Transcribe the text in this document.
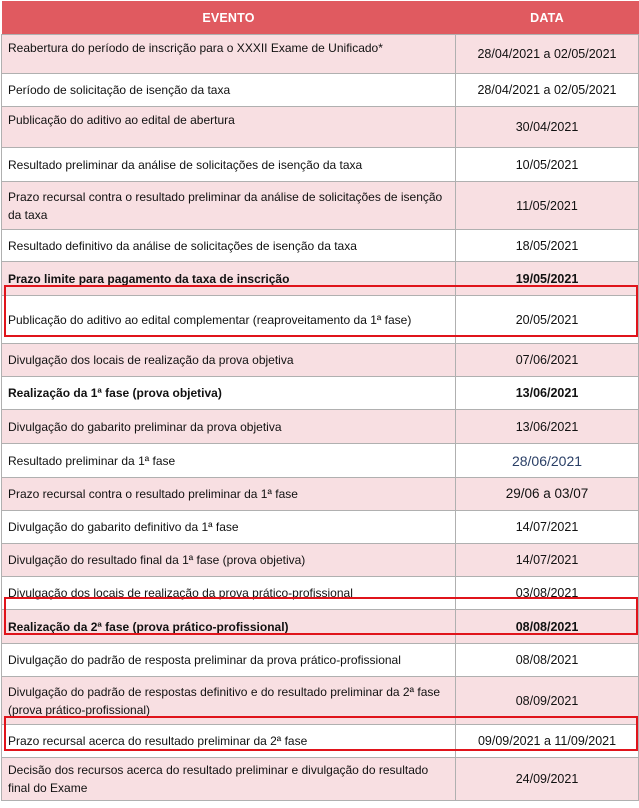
EVENTO	DATA
Reabertura do período de inscrição para o XXXII Exame de Unificado*	28/04/2021 a 02/05/2021
Período de solicitação de isenção da taxa	28/04/2021 a 02/05/2021
Publicação do aditivo ao edital de abertura	30/04/2021
Resultado preliminar da análise de solicitações de isenção da taxa	10/05/2021
Prazo recursal contra o resultado preliminar da análise de solicitações de isenção da taxa	11/05/2021
Resultado definitivo da análise de solicitações de isenção da taxa	18/05/2021
Prazo limite para pagamento da taxa de inscrição	19/05/2021
Publicação do aditivo ao edital complementar (reaproveitamento da 1ª fase)	20/05/2021
Divulgação dos locais de realização da prova objetiva	07/06/2021
Realização da 1ª fase (prova objetiva)	13/06/2021
Divulgação do gabarito preliminar da prova objetiva	13/06/2021
Resultado preliminar da 1ª fase	28/06/2021
Prazo recursal contra o resultado preliminar da 1ª fase	29/06 a 03/07
Divulgação do gabarito definitivo da 1ª fase	14/07/2021
Divulgação do resultado final da 1ª fase (prova objetiva)	14/07/2021
Divulgação dos locais de realização da prova prático-profissional	03/08/2021
Realização da 2ª fase (prova prático-profissional)	08/08/2021
Divulgação do padrão de resposta preliminar da prova prático-profissional	08/08/2021
Divulgação do padrão de respostas definitivo e do resultado preliminar da 2ª fase (prova prático-profissional)	08/09/2021
Prazo recursal acerca do resultado preliminar da 2ª fase	09/09/2021 a 11/09/2021
Decisão dos recursos acerca do resultado preliminar e divulgação do resultado final do Exame	24/09/2021
